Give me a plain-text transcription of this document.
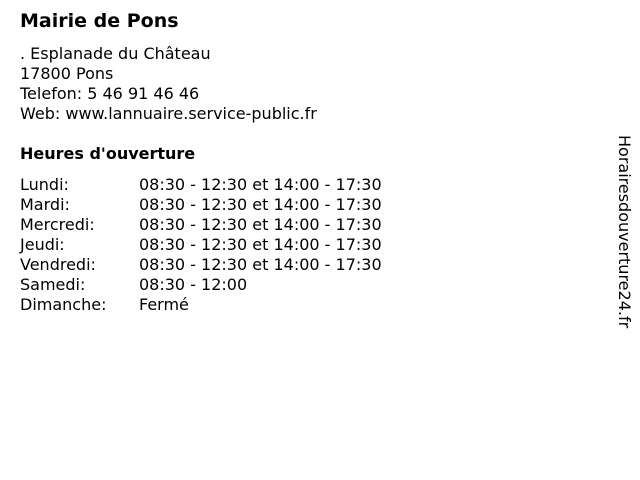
Mairie de Pons
. Esplanade du Château
17800 Pons
Telefon: 5 46 91 46 46
Web: www.lannuaire.service-public.fr
Heures d'ouverture
Lundi:	08:30 - 12:30 et 14:00 - 17:30
Mardi:	08:30 - 12:30 et 14:00 - 17:30
Mercredi:	08:30 - 12:30 et 14:00 - 17:30
Jeudi:	08:30 - 12:30 et 14:00 - 17:30
Vendredi:	08:30 - 12:30 et 14:00 - 17:30
Samedi:	08:30 - 12:00
Dimanche:	Fermé	Horairesdouverture24.fr
